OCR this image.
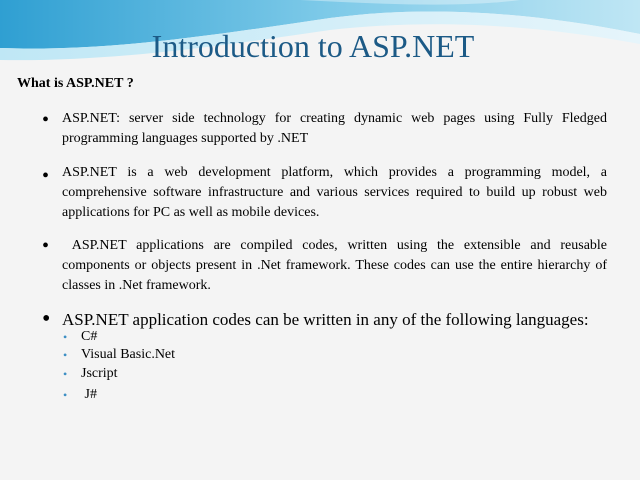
Introduction to ASP.NET
What is ASP.NET ?
• ASP.NET: server side technology for creating dynamic web pages using Fully Fledged programming languages supported by .NET
• ASP.NET is a web development platform, which provides a programming model, a comprehensive software infrastructure and various services required to build up robust web applications for PC as well as mobile devices.
• ASP.NET applications are compiled codes, written using the extensible and reusable components or objects present in .Net framework. These codes can use the entire hierarchy of classes in .Net framework.
• ASP.NET application codes can be written in any of the following languages:
• C#
• Visual Basic.Net
• Jscript
• J#
